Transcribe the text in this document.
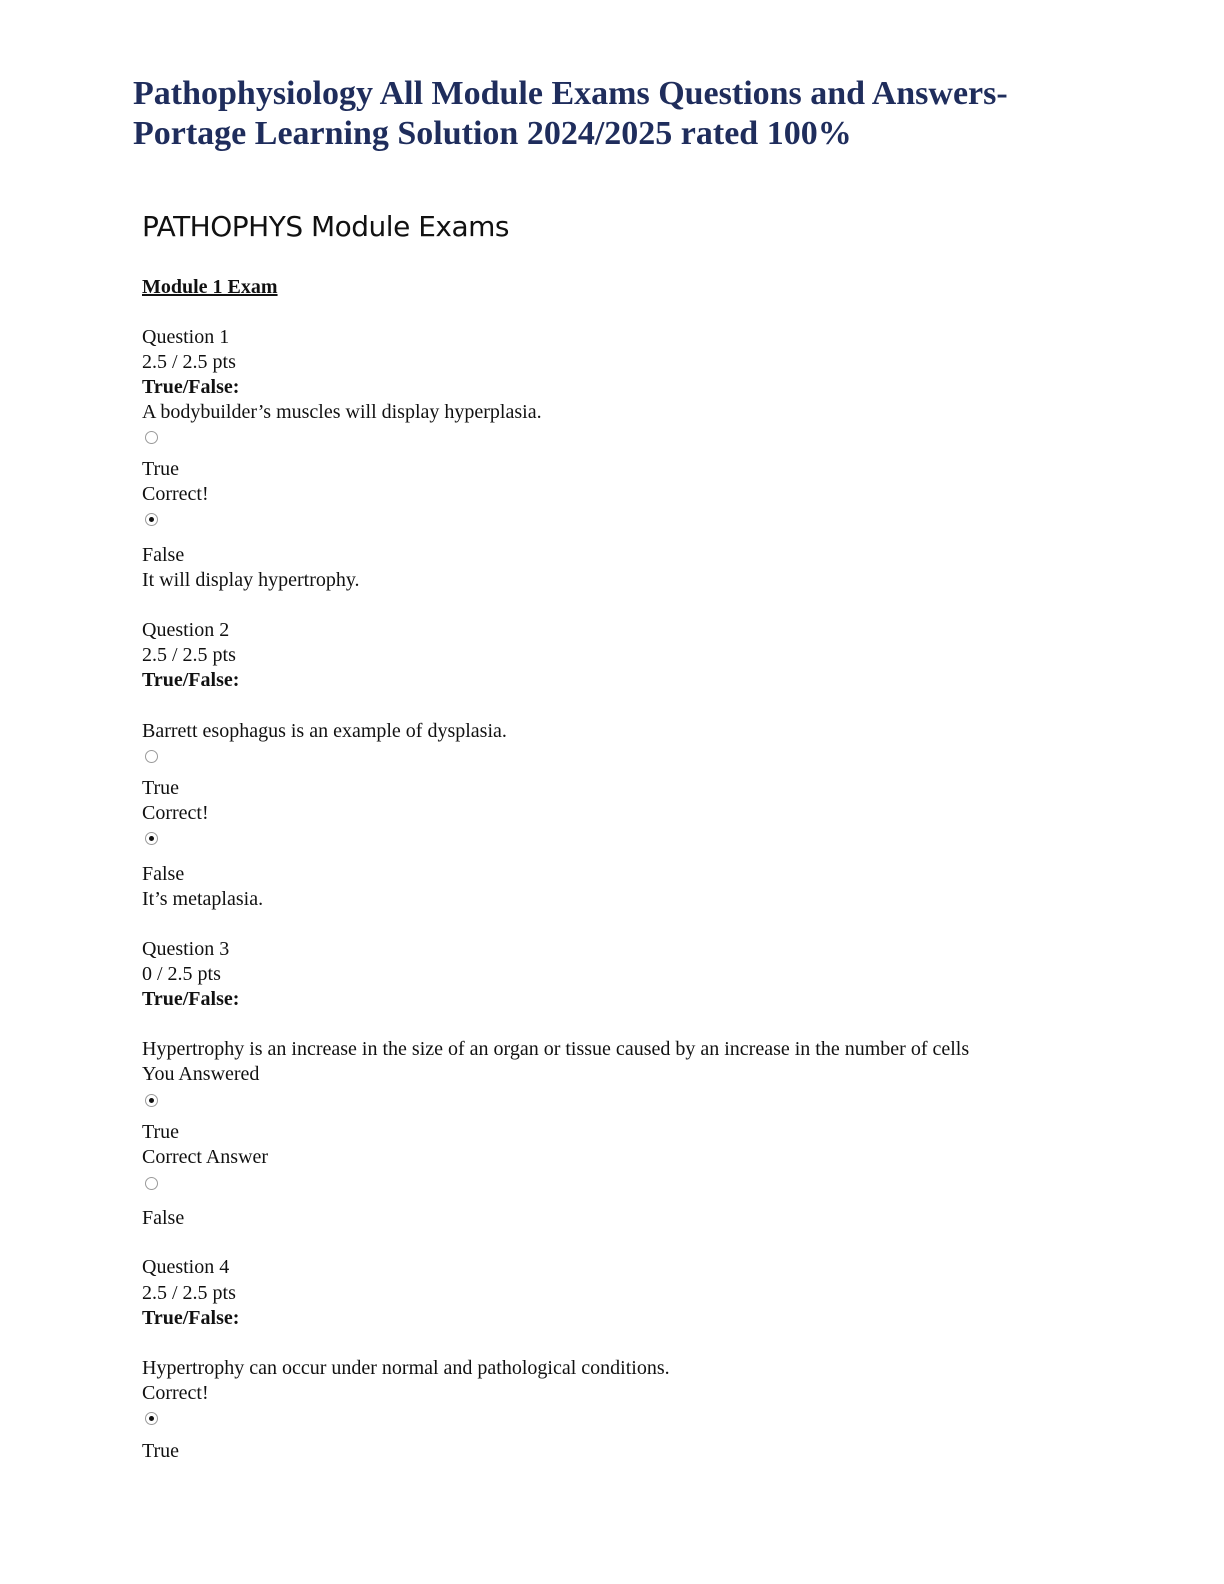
Pathophysiology All Module Exams Questions and Answers-
Portage Learning Solution 2024/2025 rated 100%
PATHOPHYS Module Exams
Module 1 Exam
Question 1
2.5 / 2.5 pts
True/False:
A bodybuilder’s muscles will display hyperplasia.
True
Correct!
False
It will display hypertrophy.
Question 2
2.5 / 2.5 pts
True/False:
Barrett esophagus is an example of dysplasia.
True
Correct!
False
It’s metaplasia.
Question 3
0 / 2.5 pts
True/False:
Hypertrophy is an increase in the size of an organ or tissue caused by an increase in the number of cells
You Answered
True
Correct Answer
False
Question 4
2.5 / 2.5 pts
True/False:
Hypertrophy can occur under normal and pathological conditions.
Correct!
True
